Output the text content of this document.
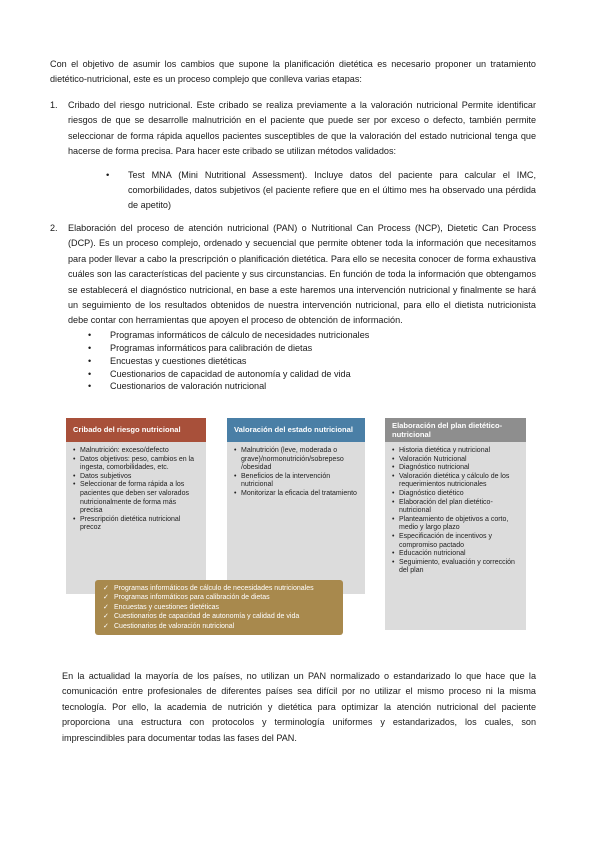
Con el objetivo de asumir los cambios que supone la planificación dietética es necesario proponer un tratamiento dietético-nutricional, este es un proceso complejo que conlleva varias etapas:

1. Cribado del riesgo nutricional. Este cribado se realiza previamente a la valoración nutricional Permite identificar riesgos de que se desarrolle malnutrición en el paciente que puede ser por exceso o defecto, también permite seleccionar de forma rápida aquellos pacientes susceptibles de que la valoración del estado nutricional tenga que hacerse de forma precisa. Para hacer este cribado se utilizan métodos validados:

• Test MNA (Mini Nutritional Assessment). Incluye datos del paciente para calcular el IMC, comorbilidades, datos subjetivos (el paciente refiere que en el último mes ha observado una pérdida de apetito)
2. Elaboración del proceso de atención nutricional (PAN) o Nutritional Can Process (NCP), Dietetic Can Process (DCP). Es un proceso complejo, ordenado y secuencial que permite obtener toda la información que necesitamos para poder llevar a cabo la prescripción o planificación dietética. Para ello se necesita conocer de forma exhaustiva cuáles son las características del paciente y sus circunstancias. En función de toda la información que obtengamos se establecerá el diagnóstico nutricional, en base a este haremos una intervención nutricional y finalmente se hará un seguimiento de los resultados obtenidos de nuestra intervención nutricional, para ello el dietista nutricionista debe contar con herramientas que apoyen el proceso de obtención de información.

• Programas informáticos de cálculo de necesidades nutricionales
• Programas informáticos para calibración de dietas
• Encuestas y cuestiones dietéticas
• Cuestionarios de capacidad de autonomía y calidad de vida
• Cuestionarios de valoración nutricional
Cribado del riesgo nutricional
• Malnutrición: exceso/defecto
• Datos objetivos: peso, cambios en la ingesta, comorbilidades, etc.
• Datos subjetivos
• Seleccionar de forma rápida a los pacientes que deben ser valorados nutricionalmente de forma más precisa
• Prescripción dietética nutricional precoz
Valoración del estado nutricional
• Malnutrición (leve, moderada o grave)/normonutrición/sobrepeso /obesidad
• Beneficios de la intervención nutricional
• Monitorizar la eficacia del tratamiento
Elaboración del plan dietético-nutricional
• Historia dietética y nutricional
• Valoración Nutricional
• Diagnóstico nutricional
• Valoración dietética y cálculo de los requerimientos nutricionales
• Diagnóstico dietético
• Elaboración del plan dietético-nutricional
• Planteamiento de objetivos a corto, medio y largo plazo
• Especificación de incentivos y compromiso pactado
• Educación nutricional
• Seguimiento, evaluación y corrección del plan
✓ Programas informáticos de cálculo de necesidades nutricionales
✓ Programas informáticos para calibración de dietas
✓ Encuestas y cuestiones dietéticas
✓ Cuestionarios de capacidad de autonomía y calidad de vida
✓ Cuestionarios de valoración nutricional

En la actualidad la mayoría de los países, no utilizan un PAN normalizado o estandarizado lo que hace que la comunicación entre profesionales de diferentes países sea difícil por no utilizar el mismo proceso ni la misma tecnología. Por ello, la academia de nutrición y dietética para optimizar la atención nutricional del paciente proporciona una estructura con protocolos y terminología uniformes y estandarizados, los cuales, son imprescindibles para documentar todas las fases del PAN.
